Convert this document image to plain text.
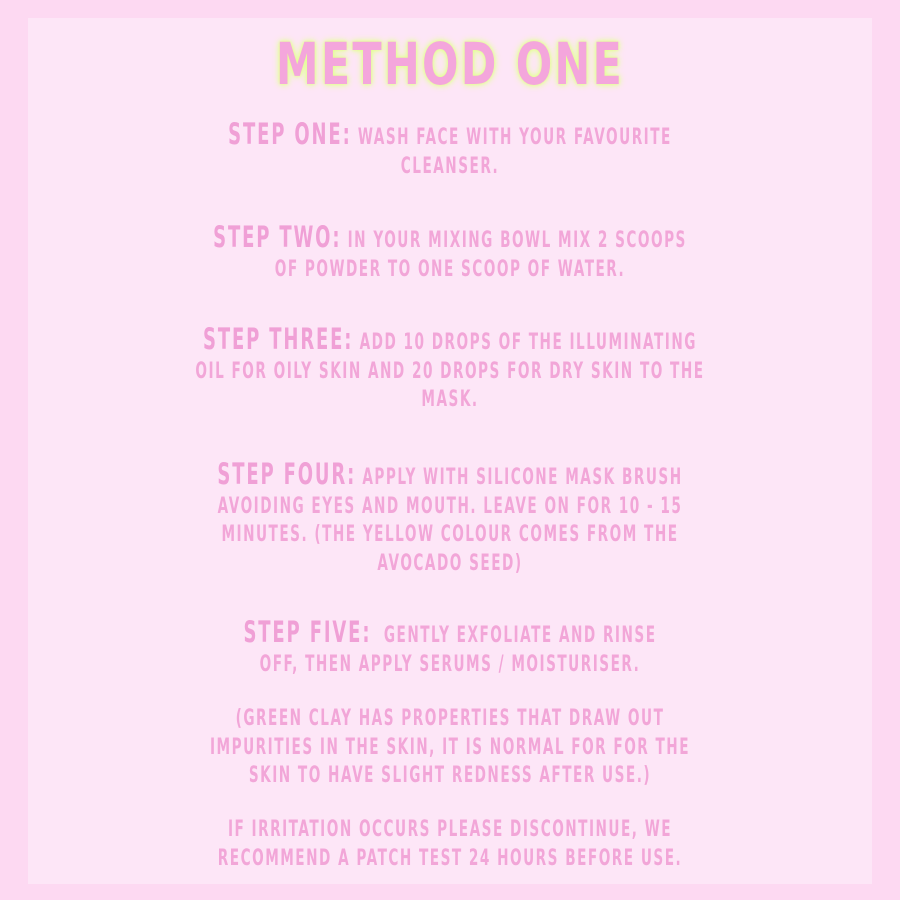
METHOD ONE
STEP ONE: WASH FACE WITH YOUR FAVOURITE
CLEANSER.
STEP TWO: IN YOUR MIXING BOWL MIX 2 SCOOPS
OF POWDER TO ONE SCOOP OF WATER.
STEP THREE: ADD 10 DROPS OF THE ILLUMINATING
OIL FOR OILY SKIN AND 20 DROPS FOR DRY SKIN TO THE
MASK.
STEP FOUR: APPLY WITH SILICONE MASK BRUSH
AVOIDING EYES AND MOUTH. LEAVE ON FOR 10 - 15
MINUTES. (THE YELLOW COLOUR COMES FROM THE
AVOCADO SEED)
STEP FIVE:  GENTLY EXFOLIATE AND RINSE
OFF, THEN APPLY SERUMS / MOISTURISER.
(GREEN CLAY HAS PROPERTIES THAT DRAW OUT
IMPURITIES IN THE SKIN, IT IS NORMAL FOR FOR THE
SKIN TO HAVE SLIGHT REDNESS AFTER USE.)
IF IRRITATION OCCURS PLEASE DISCONTINUE, WE
RECOMMEND A PATCH TEST 24 HOURS BEFORE USE.
